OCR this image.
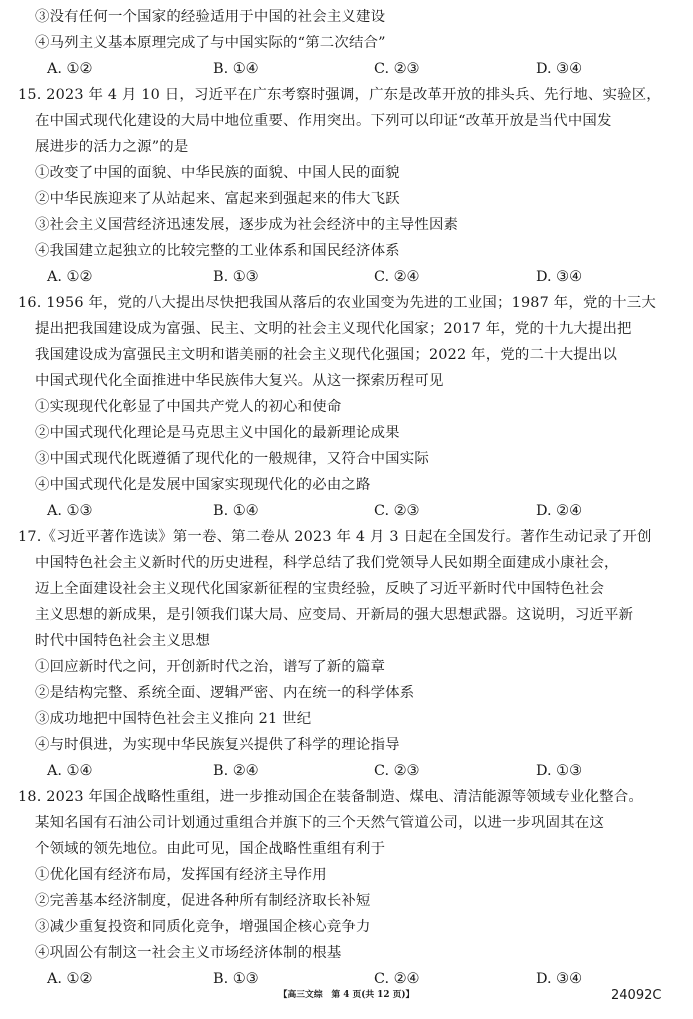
③没有任何一个国家的经验适用于中国的社会主义建设
④马列主义基本原理完成了与中国实际的“第二次结合”
A. ①②	B. ①④	C. ②③	D. ③④
15. 2023 年 4 月 10 日，习近平在广东考察时强调，广东是改革开放的排头兵、先行地、实验区，
在中国式现代化建设的大局中地位重要、作用突出。下列可以印证“改革开放是当代中国发
展进步的活力之源”的是
①改变了中国的面貌、中华民族的面貌、中国人民的面貌
②中华民族迎来了从站起来、富起来到强起来的伟大飞跃
③社会主义国营经济迅速发展，逐步成为社会经济中的主导性因素
④我国建立起独立的比较完整的工业体系和国民经济体系
A. ①②	B. ①③	C. ②④	D. ③④
16. 1956 年，党的八大提出尽快把我国从落后的农业国变为先进的工业国；1987 年，党的十三大
提出把我国建设成为富强、民主、文明的社会主义现代化国家；2017 年，党的十九大提出把
我国建设成为富强民主文明和谐美丽的社会主义现代化强国；2022 年，党的二十大提出以
中国式现代化全面推进中华民族伟大复兴。从这一探索历程可见
①实现现代化彰显了中国共产党人的初心和使命
②中国式现代化理论是马克思主义中国化的最新理论成果
③中国式现代化既遵循了现代化的一般规律，又符合中国实际
④中国式现代化是发展中国家实现现代化的必由之路
A. ①③	B. ①④	C. ②③	D. ②④
17.《习近平著作选读》第一卷、第二卷从 2023 年 4 月 3 日起在全国发行。著作生动记录了开创
中国特色社会主义新时代的历史进程，科学总结了我们党领导人民如期全面建成小康社会，
迈上全面建设社会主义现代化国家新征程的宝贵经验，反映了习近平新时代中国特色社会
主义思想的新成果，是引领我们谋大局、应变局、开新局的强大思想武器。这说明，习近平新
时代中国特色社会主义思想
①回应新时代之问，开创新时代之治，谱写了新的篇章
②是结构完整、系统全面、逻辑严密、内在统一的科学体系
③成功地把中国特色社会主义推向 21 世纪
④与时俱进，为实现中华民族复兴提供了科学的理论指导
A. ①④	B. ②④	C. ②③	D. ①③
18. 2023 年国企战略性重组，进一步推动国企在装备制造、煤电、清洁能源等领域专业化整合。
某知名国有石油公司计划通过重组合并旗下的三个天然气管道公司，以进一步巩固其在这
个领域的领先地位。由此可见，国企战略性重组有利于
①优化国有经济布局，发挥国有经济主导作用
②完善基本经济制度，促进各种所有制经济取长补短
③减少重复投资和同质化竞争，增强国企核心竞争力
④巩固公有制这一社会主义市场经济体制的根基
A. ①②	B. ①③	C. ②④	D. ③④
【高三文综　第 4 页(共 12 页)】	24092C
